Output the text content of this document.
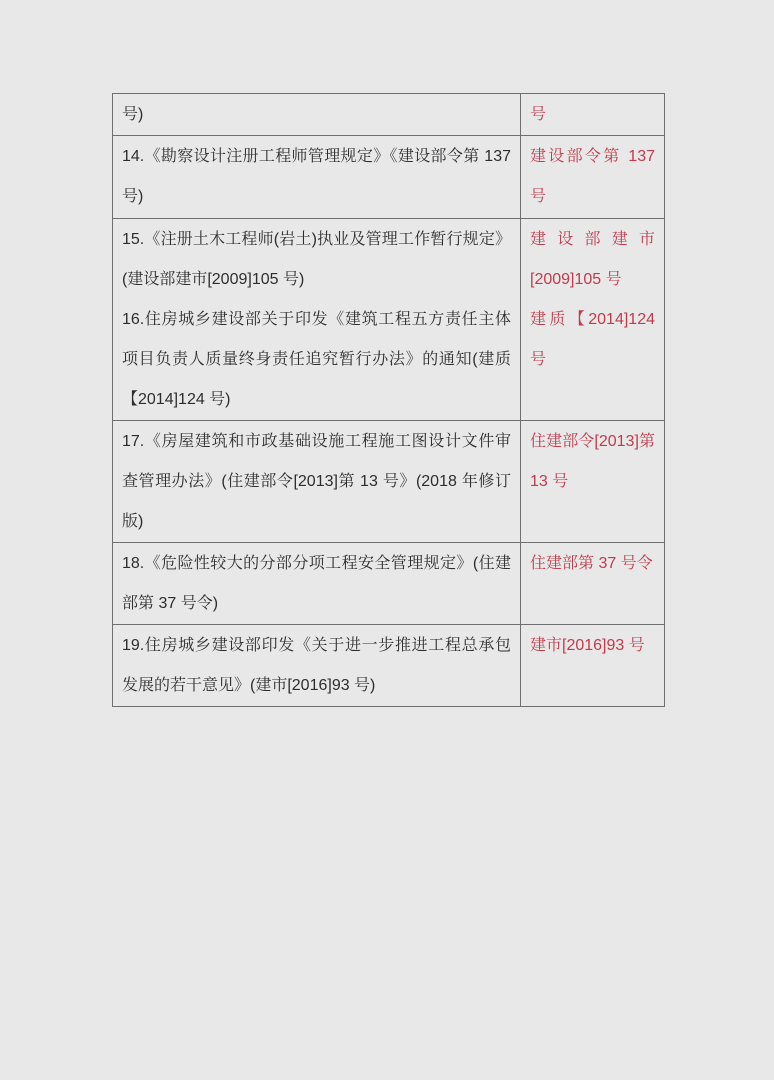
号)	号

14.《勘察设计注册工程师管理规定》《建设部令第 137 号)

建设部令第 137 号

15.《注册土木工程师(岩土)执业及管理工作暂行规定》(建设部建市[2009]105 号)

16.住房城乡建设部关于印发《建筑工程五方责任主体项目负责人质量终身责任追究暂行办法》的通知(建质【2014]124 号)

建设部建市[2009]105 号

建质【2014]124 号

17.《房屋建筑和市政基础设施工程施工图设计文件审查管理办法》(住建部令[2013]第 13 号》(2018 年修订版)

住建部令[2013]第 13 号

18.《危险性较大的分部分项工程安全管理规定》(住建部第 37 号令)

住建部第 37 号令

19.住房城乡建设部印发《关于进一步推进工程总承包发展的若干意见》(建市[2016]93 号)

建市[2016]93 号
